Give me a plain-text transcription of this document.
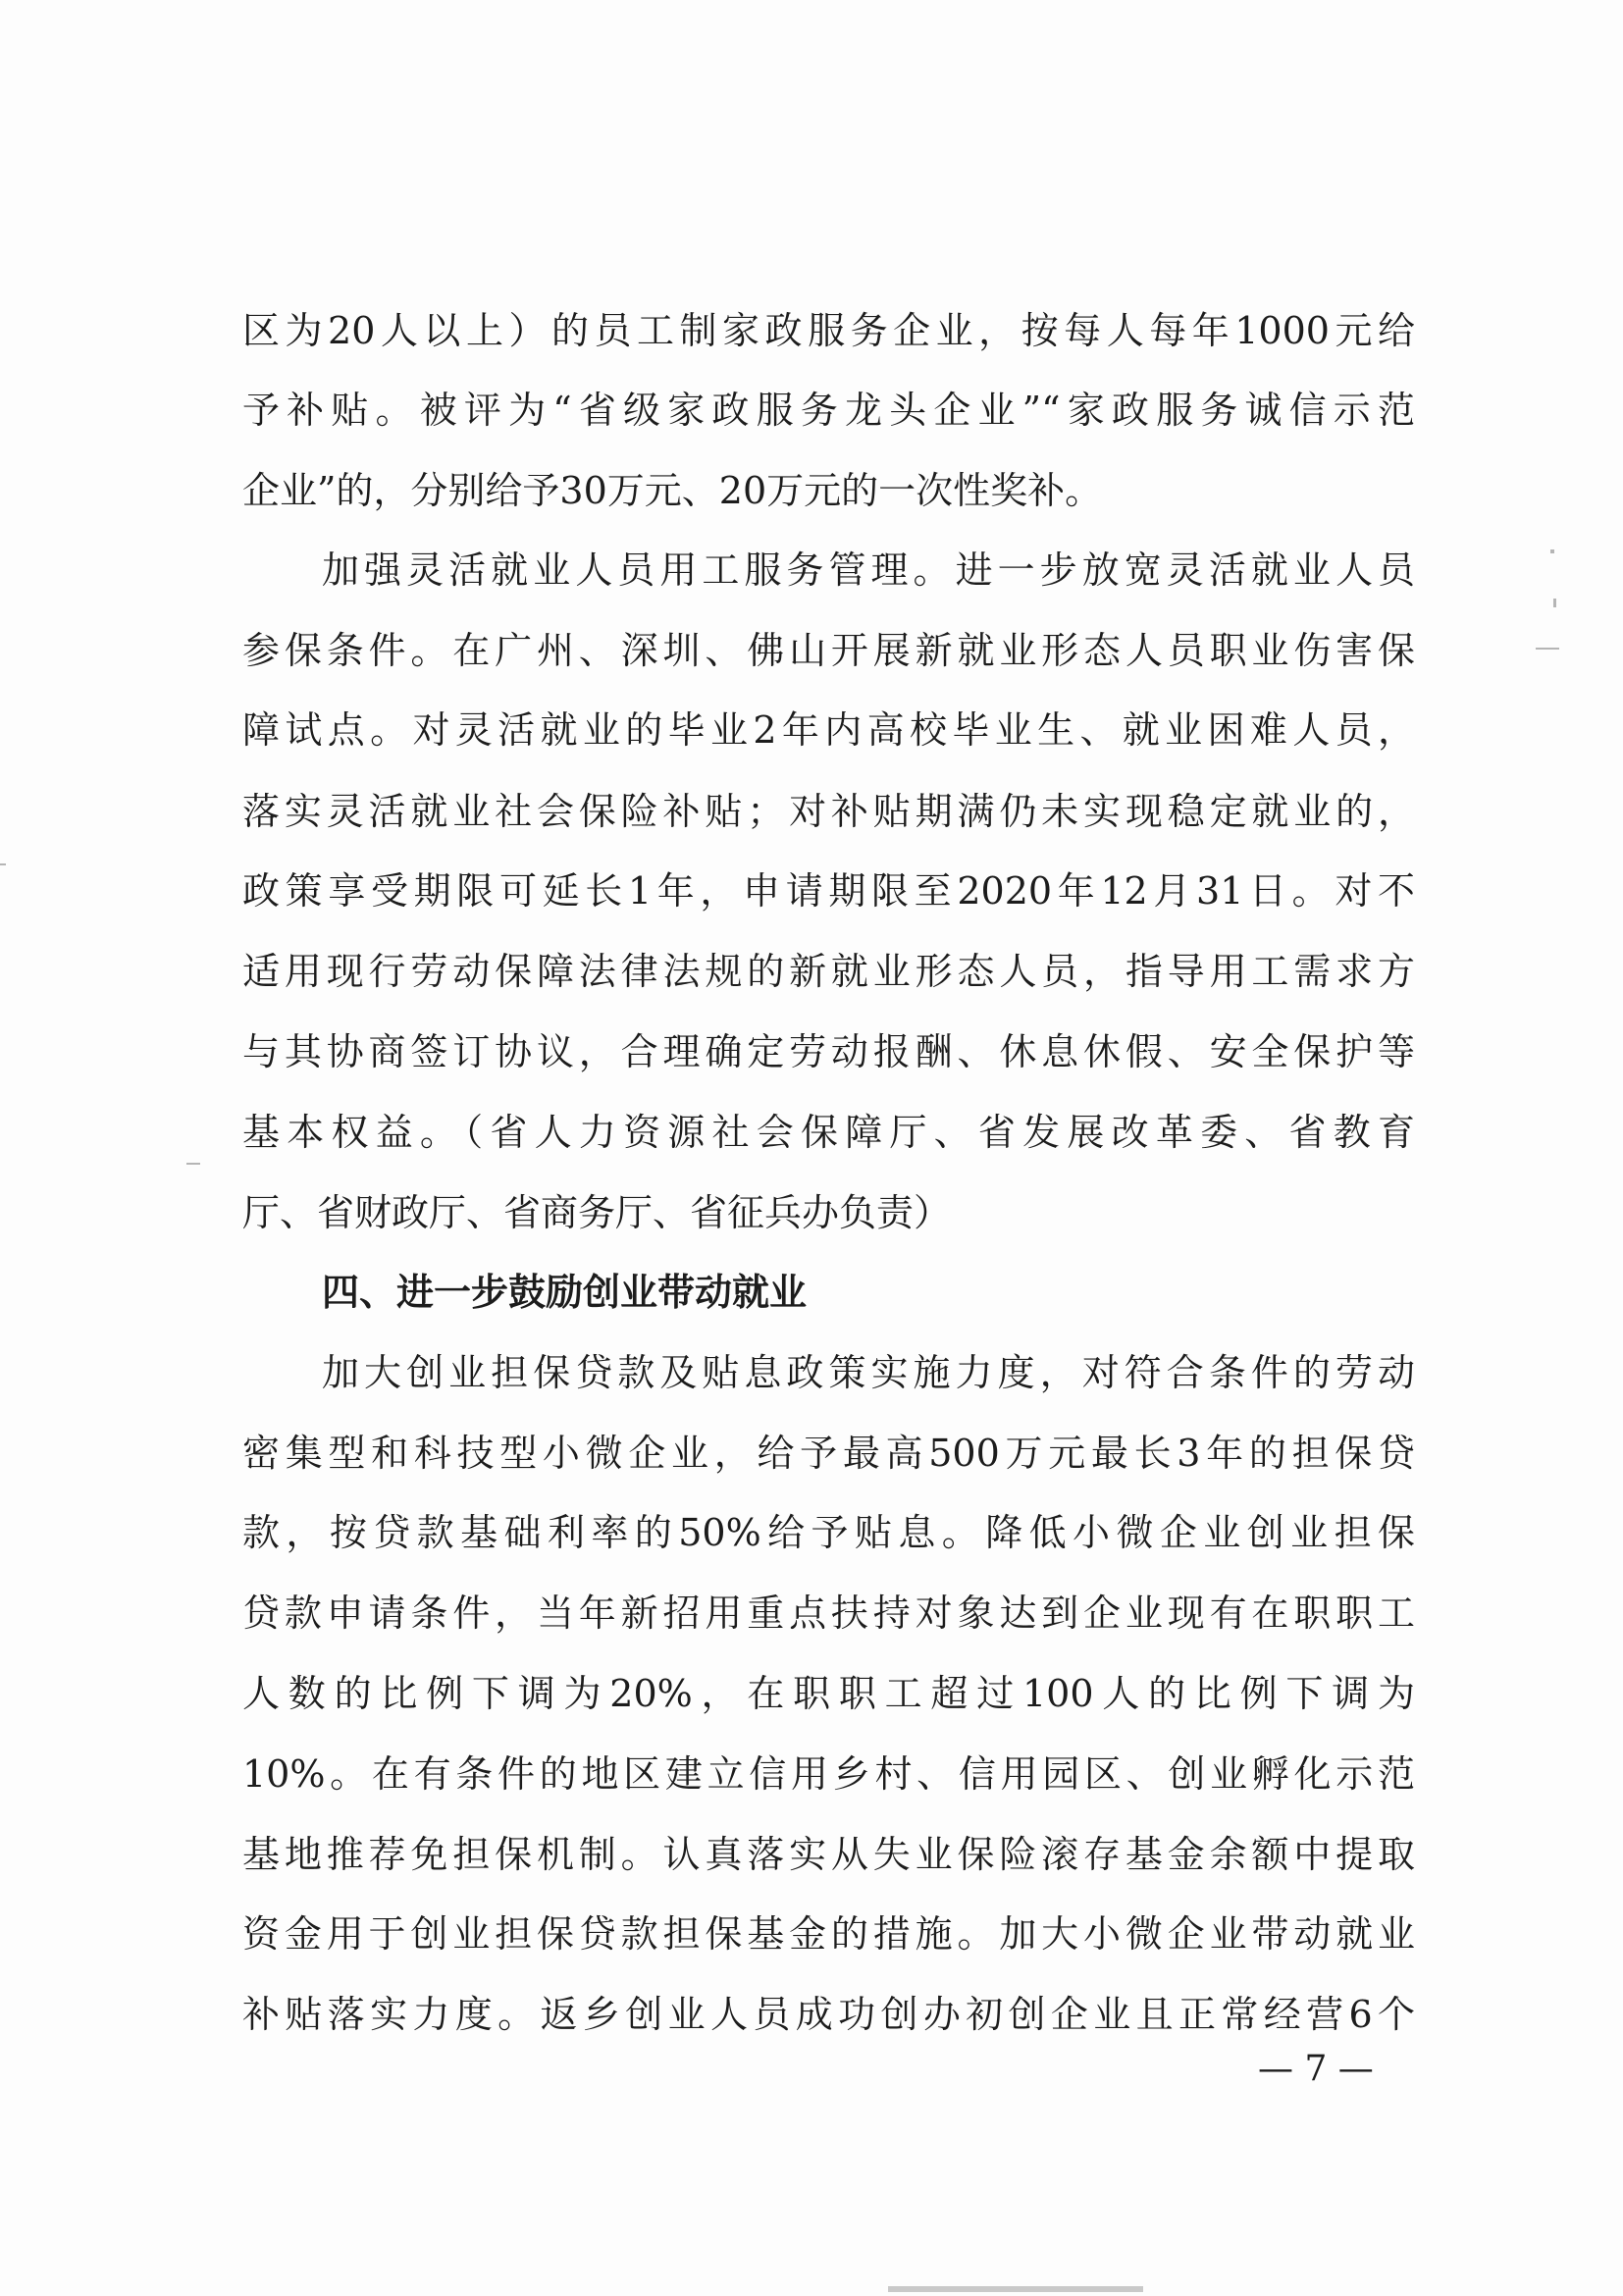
区为20人以上）的员工制家政服务企业，按每人每年1000元给
予补贴。被评为“省级家政服务龙头企业”“家政服务诚信示范
企业”的，分别给予30万元、20万元的一次性奖补。
加强灵活就业人员用工服务管理。进一步放宽灵活就业人员
参保条件。在广州、深圳、佛山开展新就业形态人员职业伤害保
障试点。对灵活就业的毕业2年内高校毕业生、就业困难人员，
落实灵活就业社会保险补贴；对补贴期满仍未实现稳定就业的，
政策享受期限可延长1年，申请期限至2020年12月31日。对不
适用现行劳动保障法律法规的新就业形态人员，指导用工需求方
与其协商签订协议，合理确定劳动报酬、休息休假、安全保护等
基本权益。（省人力资源社会保障厅、省发展改革委、省教育
厅、省财政厅、省商务厅、省征兵办负责）
四、进一步鼓励创业带动就业
加大创业担保贷款及贴息政策实施力度，对符合条件的劳动
密集型和科技型小微企业，给予最高500万元最长3年的担保贷
款，按贷款基础利率的50%给予贴息。降低小微企业创业担保
贷款申请条件，当年新招用重点扶持对象达到企业现有在职职工
人数的比例下调为20%，在职职工超过100人的比例下调为
10%。在有条件的地区建立信用乡村、信用园区、创业孵化示范
基地推荐免担保机制。认真落实从失业保险滚存基金余额中提取
资金用于创业担保贷款担保基金的措施。加大小微企业带动就业
补贴落实力度。返乡创业人员成功创办初创企业且正常经营6个
— 7 —
